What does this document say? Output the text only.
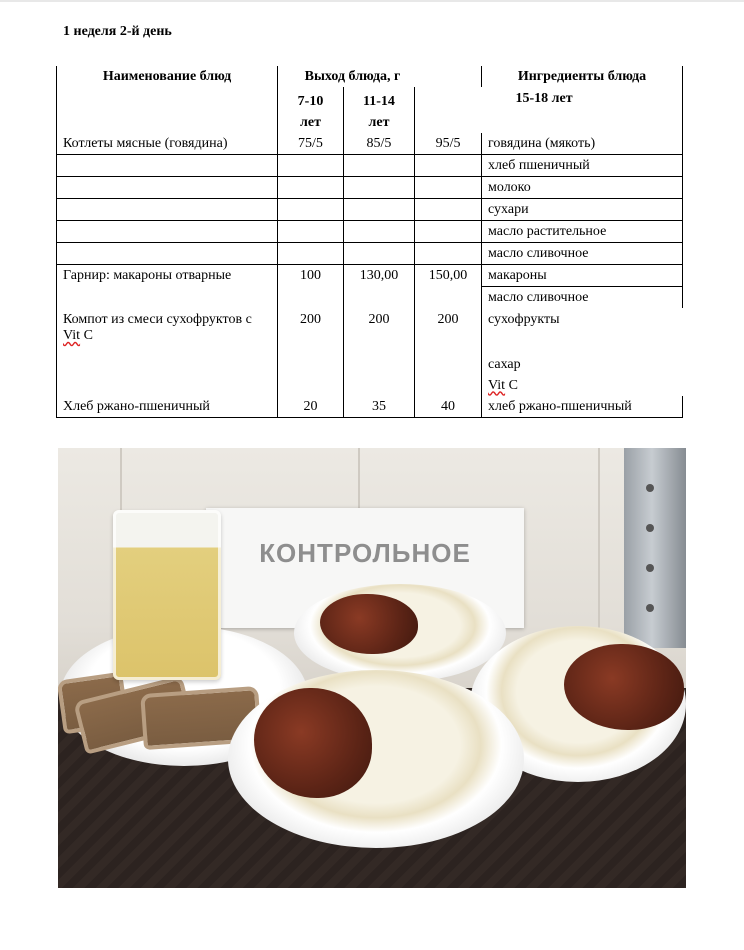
1 неделя 2-й день
Наименование блюд	Выход блюда, г			Ингредиенты блюда
	7-10 лет	11-14 лет		15-18 лет
Котлеты мясные (говядина)	75/5	85/5	95/5	говядина (мякоть)
				хлеб пшеничный
				молоко
				сухари
				масло растительное
				масло сливочное
Гарнир: макароны отварные	100	130,00	150,00	макароны
				масло сливочное
Компот из смеси сухофруктов с Vit C	200	200	200	сухофрукты
				сахар
				Vit C
Хлеб ржано-пшеничный	20	35	40	хлеб ржано-пшеничный
КОНТРОЛЬНОЕ
